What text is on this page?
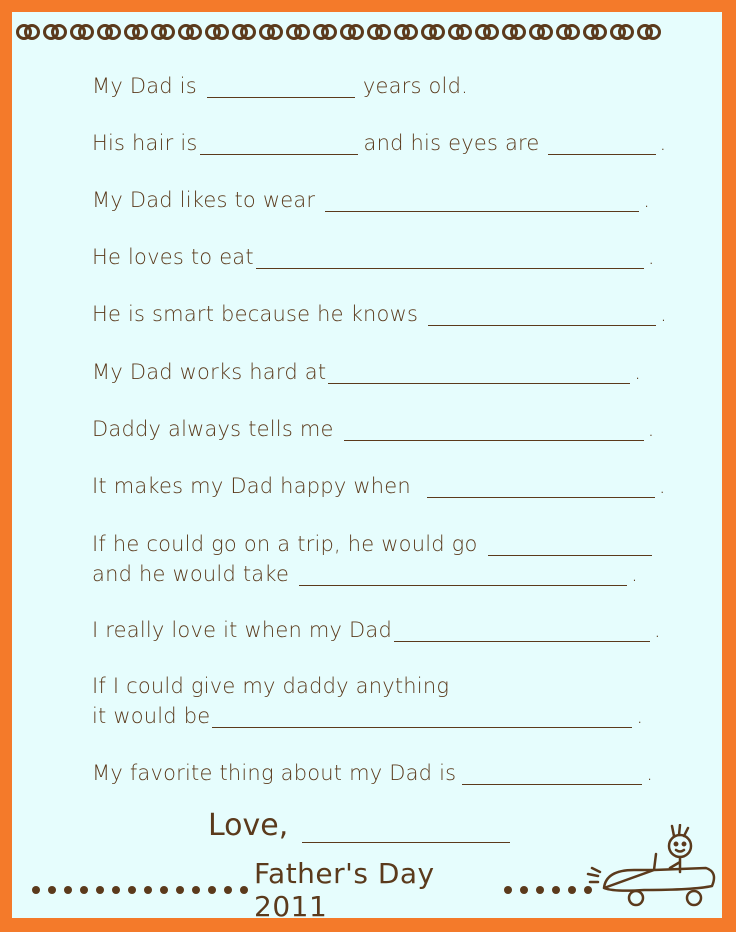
My Dad is	years old.
His hair is	and his eyes are	.
My Dad likes to wear	.
He loves to eat	.
He is smart because he knows	.
My Dad works hard at	.
Daddy always tells me	.
It makes my Dad happy when	.
If he could go on a trip, he would go
and he would take	.
I really love it when my Dad	.
If I could give my daddy anything
it would be	.
My favorite thing about my Dad is	.
Love,
Father's Day 2011
